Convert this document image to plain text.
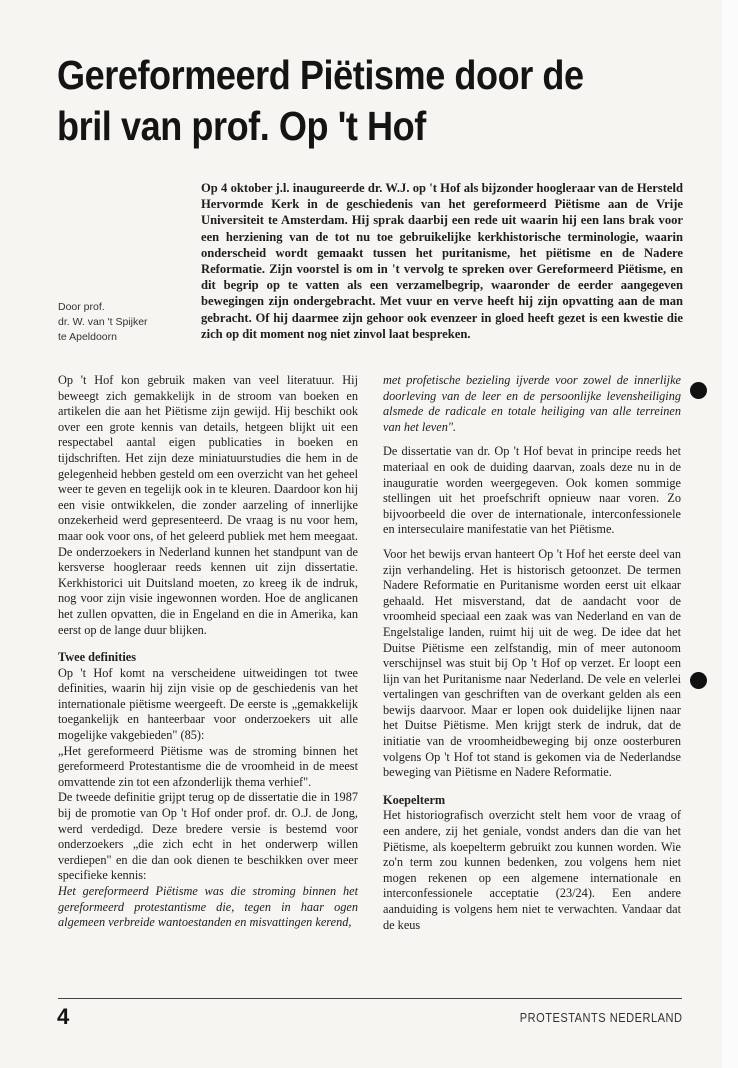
Gereformeerd Piëtisme door de
bril van prof. Op 't Hof
Door prof.
dr. W. van 't Spijker
te Apeldoorn
Op 4 oktober j.l. inaugureerde dr. W.J. op 't Hof als bijzonder hoogleraar van de Hersteld Hervormde Kerk in de geschiedenis van het gereformeerd Piëtisme aan de Vrije Universiteit te Amsterdam. Hij sprak daarbij een rede uit waarin hij een lans brak voor een herziening van de tot nu toe gebruikelijke kerkhistorische terminologie, waarin onderscheid wordt gemaakt tussen het puritanisme, het piëtisme en de Nadere Reformatie. Zijn voorstel is om in 't vervolg te spreken over Gereformeerd Piëtisme, en dit begrip op te vatten als een verzamelbegrip, waaronder de eerder aangegeven bewegingen zijn ondergebracht. Met vuur en verve heeft hij zijn opvatting aan de man gebracht. Of hij daarmee zijn gehoor ook evenzeer in gloed heeft gezet is een kwestie die zich op dit moment nog niet zinvol laat bespreken.

Op 't Hof kon gebruik maken van veel literatuur. Hij beweegt zich gemakkelijk in de stroom van boeken en artikelen die aan het Piëtisme zijn gewijd. Hij beschikt ook over een grote kennis van details, hetgeen blijkt uit een respectabel aantal eigen publicaties in boeken en tijdschriften. Het zijn deze miniatuurstudies die hem in de gelegenheid hebben gesteld om een overzicht van het geheel weer te geven en tegelijk ook in te kleuren. Daardoor kon hij een visie ontwikkelen, die zonder aarzeling of innerlijke onzekerheid werd gepresenteerd. De vraag is nu voor hem, maar ook voor ons, of het geleerd publiek met hem meegaat. De onderzoekers in Nederland kunnen het standpunt van de kersverse hoogleraar reeds kennen uit zijn dissertatie. Kerkhistorici uit Duitsland moeten, zo kreeg ik de indruk, nog voor zijn visie ingewonnen worden. Hoe de anglicanen het zullen opvatten, die in Engeland en die in Amerika, kan eerst op de lange duur blijken.

Twee definities

Op 't Hof komt na verscheidene uitweidingen tot twee definities, waarin hij zijn visie op de geschiedenis van het internationale piëtisme weergeeft. De eerste is „gemakkelijk toegankelijk en hanteerbaar voor onderzoekers uit alle mogelijke vakgebieden" (85):

„Het gereformeerd Piëtisme was de stroming binnen het gereformeerd Protestantisme die de vroomheid in de meest omvattende zin tot een afzonderlijk thema verhief".

De tweede definitie grijpt terug op de dissertatie die in 1987 bij de promotie van Op 't Hof onder prof. dr. O.J. de Jong, werd verdedigd. Deze bredere versie is bestemd voor onderzoekers „die zich echt in het onderwerp willen verdiepen" en die dan ook dienen te beschikken over meer specifieke kennis:

Het gereformeerd Piëtisme was die stroming binnen het gereformeerd protestantisme die, tegen in haar ogen algemeen verbreide wantoestanden en misvattingen kerend,

met profetische bezieling ijverde voor zowel de innerlijke doorleving van de leer en de persoonlijke levensheiliging alsmede de radicale en totale heiliging van alle terreinen van het leven".

De dissertatie van dr. Op 't Hof bevat in principe reeds het materiaal en ook de duiding daarvan, zoals deze nu in de inauguratie worden weergegeven. Ook komen sommige stellingen uit het proefschrift opnieuw naar voren. Zo bijvoorbeeld die over de internationale, interconfessionele en interseculaire manifestatie van het Piëtisme.

Voor het bewijs ervan hanteert Op 't Hof het eerste deel van zijn verhandeling. Het is historisch getoonzet. De termen Nadere Reformatie en Puritanisme worden eerst uit elkaar gehaald. Het misverstand, dat de aandacht voor de vroomheid speciaal een zaak was van Nederland en van de Engelstalige landen, ruimt hij uit de weg. De idee dat het Duitse Piëtisme een zelfstandig, min of meer autonoom verschijnsel was stuit bij Op 't Hof op verzet. Er loopt een lijn van het Puritanisme naar Nederland. De vele en velerlei vertalingen van geschriften van de overkant gelden als een bewijs daarvoor. Maar er lopen ook duidelijke lijnen naar het Duitse Piëtisme. Men krijgt sterk de indruk, dat de initiatie van de vroomheidbeweging bij onze oosterburen volgens Op 't Hof tot stand is gekomen via de Nederlandse beweging van Piëtisme en Nadere Reformatie.

Koepelterm

Het historiografisch overzicht stelt hem voor de vraag of een andere, zij het geniale, vondst anders dan die van het Piëtisme, als koepelterm gebruikt zou kunnen worden. Wie zo'n term zou kunnen bedenken, zou volgens hem niet mogen rekenen op een algemene internationale en interconfessionele acceptatie (23/24). Een andere aanduiding is volgens hem niet te verwachten. Vandaar dat de keus

4	PROTESTANTS NEDERLAND
